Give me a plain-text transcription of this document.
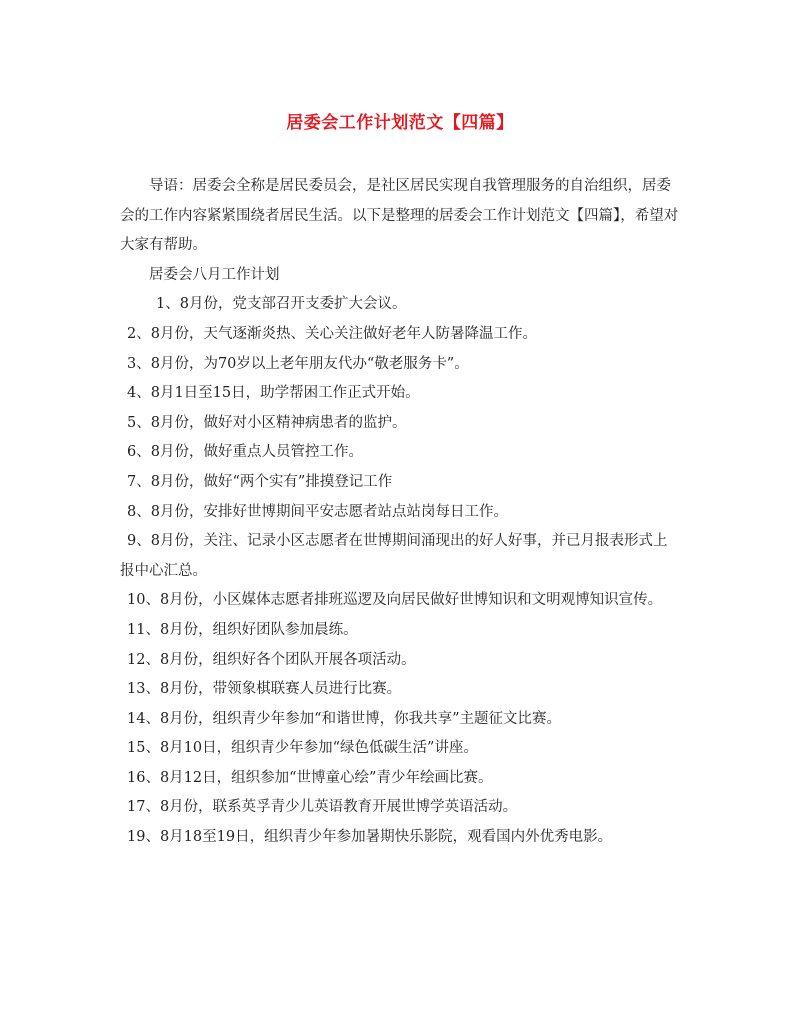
居委会工作计划范文【四篇】

导语：居委会全称是居民委员会，是社区居民实现自我管理服务的自治组织，居委会的工作内容紧紧围绕者居民生活。以下是整理的居委会工作计划范文【四篇】，希望对大家有帮助。

居委会八月工作计划

1、8月份，党支部召开支委扩大会议。

2、8月份，天气逐渐炎热、关心关注做好老年人防暑降温工作。

3、8月份，为70岁以上老年朋友代办“敬老服务卡”。

4、8月1日至15日，助学帮困工作正式开始。

5、8月份，做好对小区精神病患者的监护。

6、8月份，做好重点人员管控工作。

7、8月份，做好“两个实有”排摸登记工作

8、8月份，安排好世博期间平安志愿者站点站岗每日工作。

9、8月份，关注、记录小区志愿者在世博期间涌现出的好人好事，并已月报表形式上报中心汇总。

10、8月份，小区媒体志愿者排班巡逻及向居民做好世博知识和文明观博知识宣传。

11、8月份，组织好团队参加晨练。

12、8月份，组织好各个团队开展各项活动。

13、8月份，带领象棋联赛人员进行比赛。

14、8月份，组织青少年参加“和谐世博，你我共享”主题征文比赛。

15、8月10日，组织青少年参加“绿色低碳生活”讲座。

16、8月12日，组织参加“世博童心绘”青少年绘画比赛。

17、8月份，联系英孚青少儿英语教育开展世博学英语活动。

19、8月18至19日，组织青少年参加暑期快乐影院，观看国内外优秀电影。
